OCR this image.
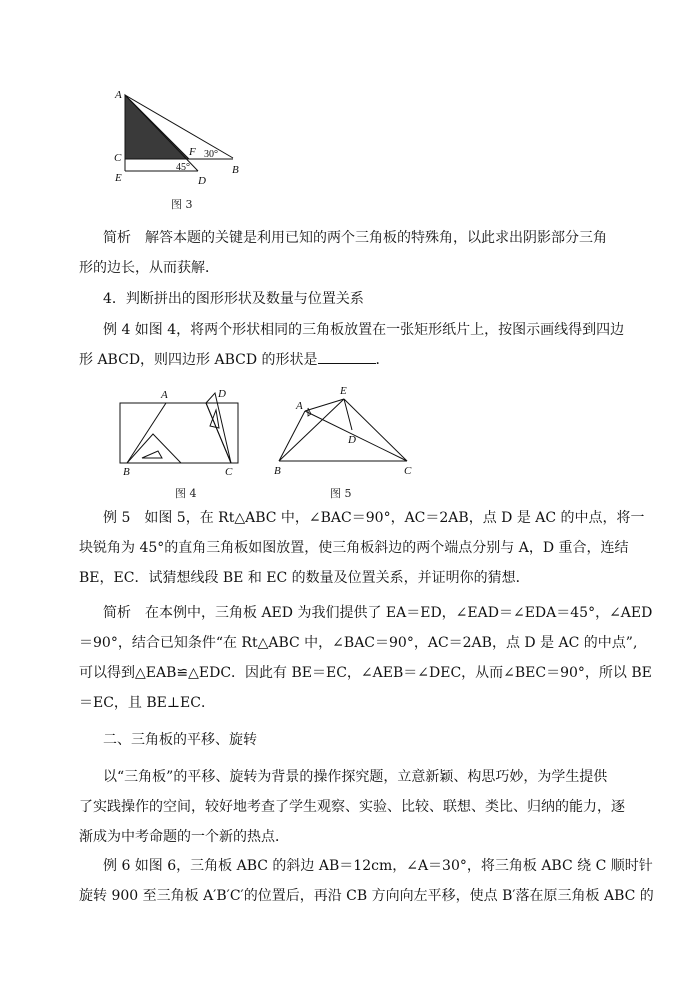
A
C
E
F
D
B
30°
45°
图 3
简析　解答本题的关键是利用已知的两个三角板的特殊角，以此求出阴影部分三角
形的边长，从而获解．
4．判断拼出的图形形状及数量与位置关系
例 4 如图 4，将两个形状相同的三角板放置在一张矩形纸片上，按图示画线得到四边
形 ABCD，则四边形 ABCD 的形状是	．
A	D
B	C
图 4
E
A
D
B	C
图 5
例 5　如图 5，在 Rt△ABC 中，∠BAC＝90°，AC＝2AB，点 D 是 AC 的中点，将一
块锐角为 45°的直角三角板如图放置，使三角板斜边的两个端点分别与 A，D 重合，连结
BE，EC．试猜想线段 BE 和 EC 的数量及位置关系，并证明你的猜想．
简析　在本例中，三角板 AED 为我们提供了 EA＝ED，∠EAD＝∠EDA＝45°，∠AED
＝90°，结合已知条件“在 Rt△ABC 中，∠BAC＝90°，AC＝2AB，点 D 是 AC 的中点”,
可以得到△EAB≌△EDC．因此有 BE＝EC，∠AEB＝∠DEC，从而∠BEC＝90°，所以 BE
＝EC，且 BE⊥EC．
二、三角板的平移、旋转
以“三角板”的平移、旋转为背景的操作探究题，立意新颖、构思巧妙，为学生提供
了实践操作的空间，较好地考查了学生观察、实验、比较、联想、类比、归纳的能力，逐
渐成为中考命题的一个新的热点．
例 6 如图 6，三角板 ABC 的斜边 AB＝12cm，∠A＝30°，将三角板 ABC 绕 C 顺时针
旋转 900 至三角板 A′B′C′的位置后，再沿 CB 方向向左平移，使点 B′落在原三角板 ABC 的
